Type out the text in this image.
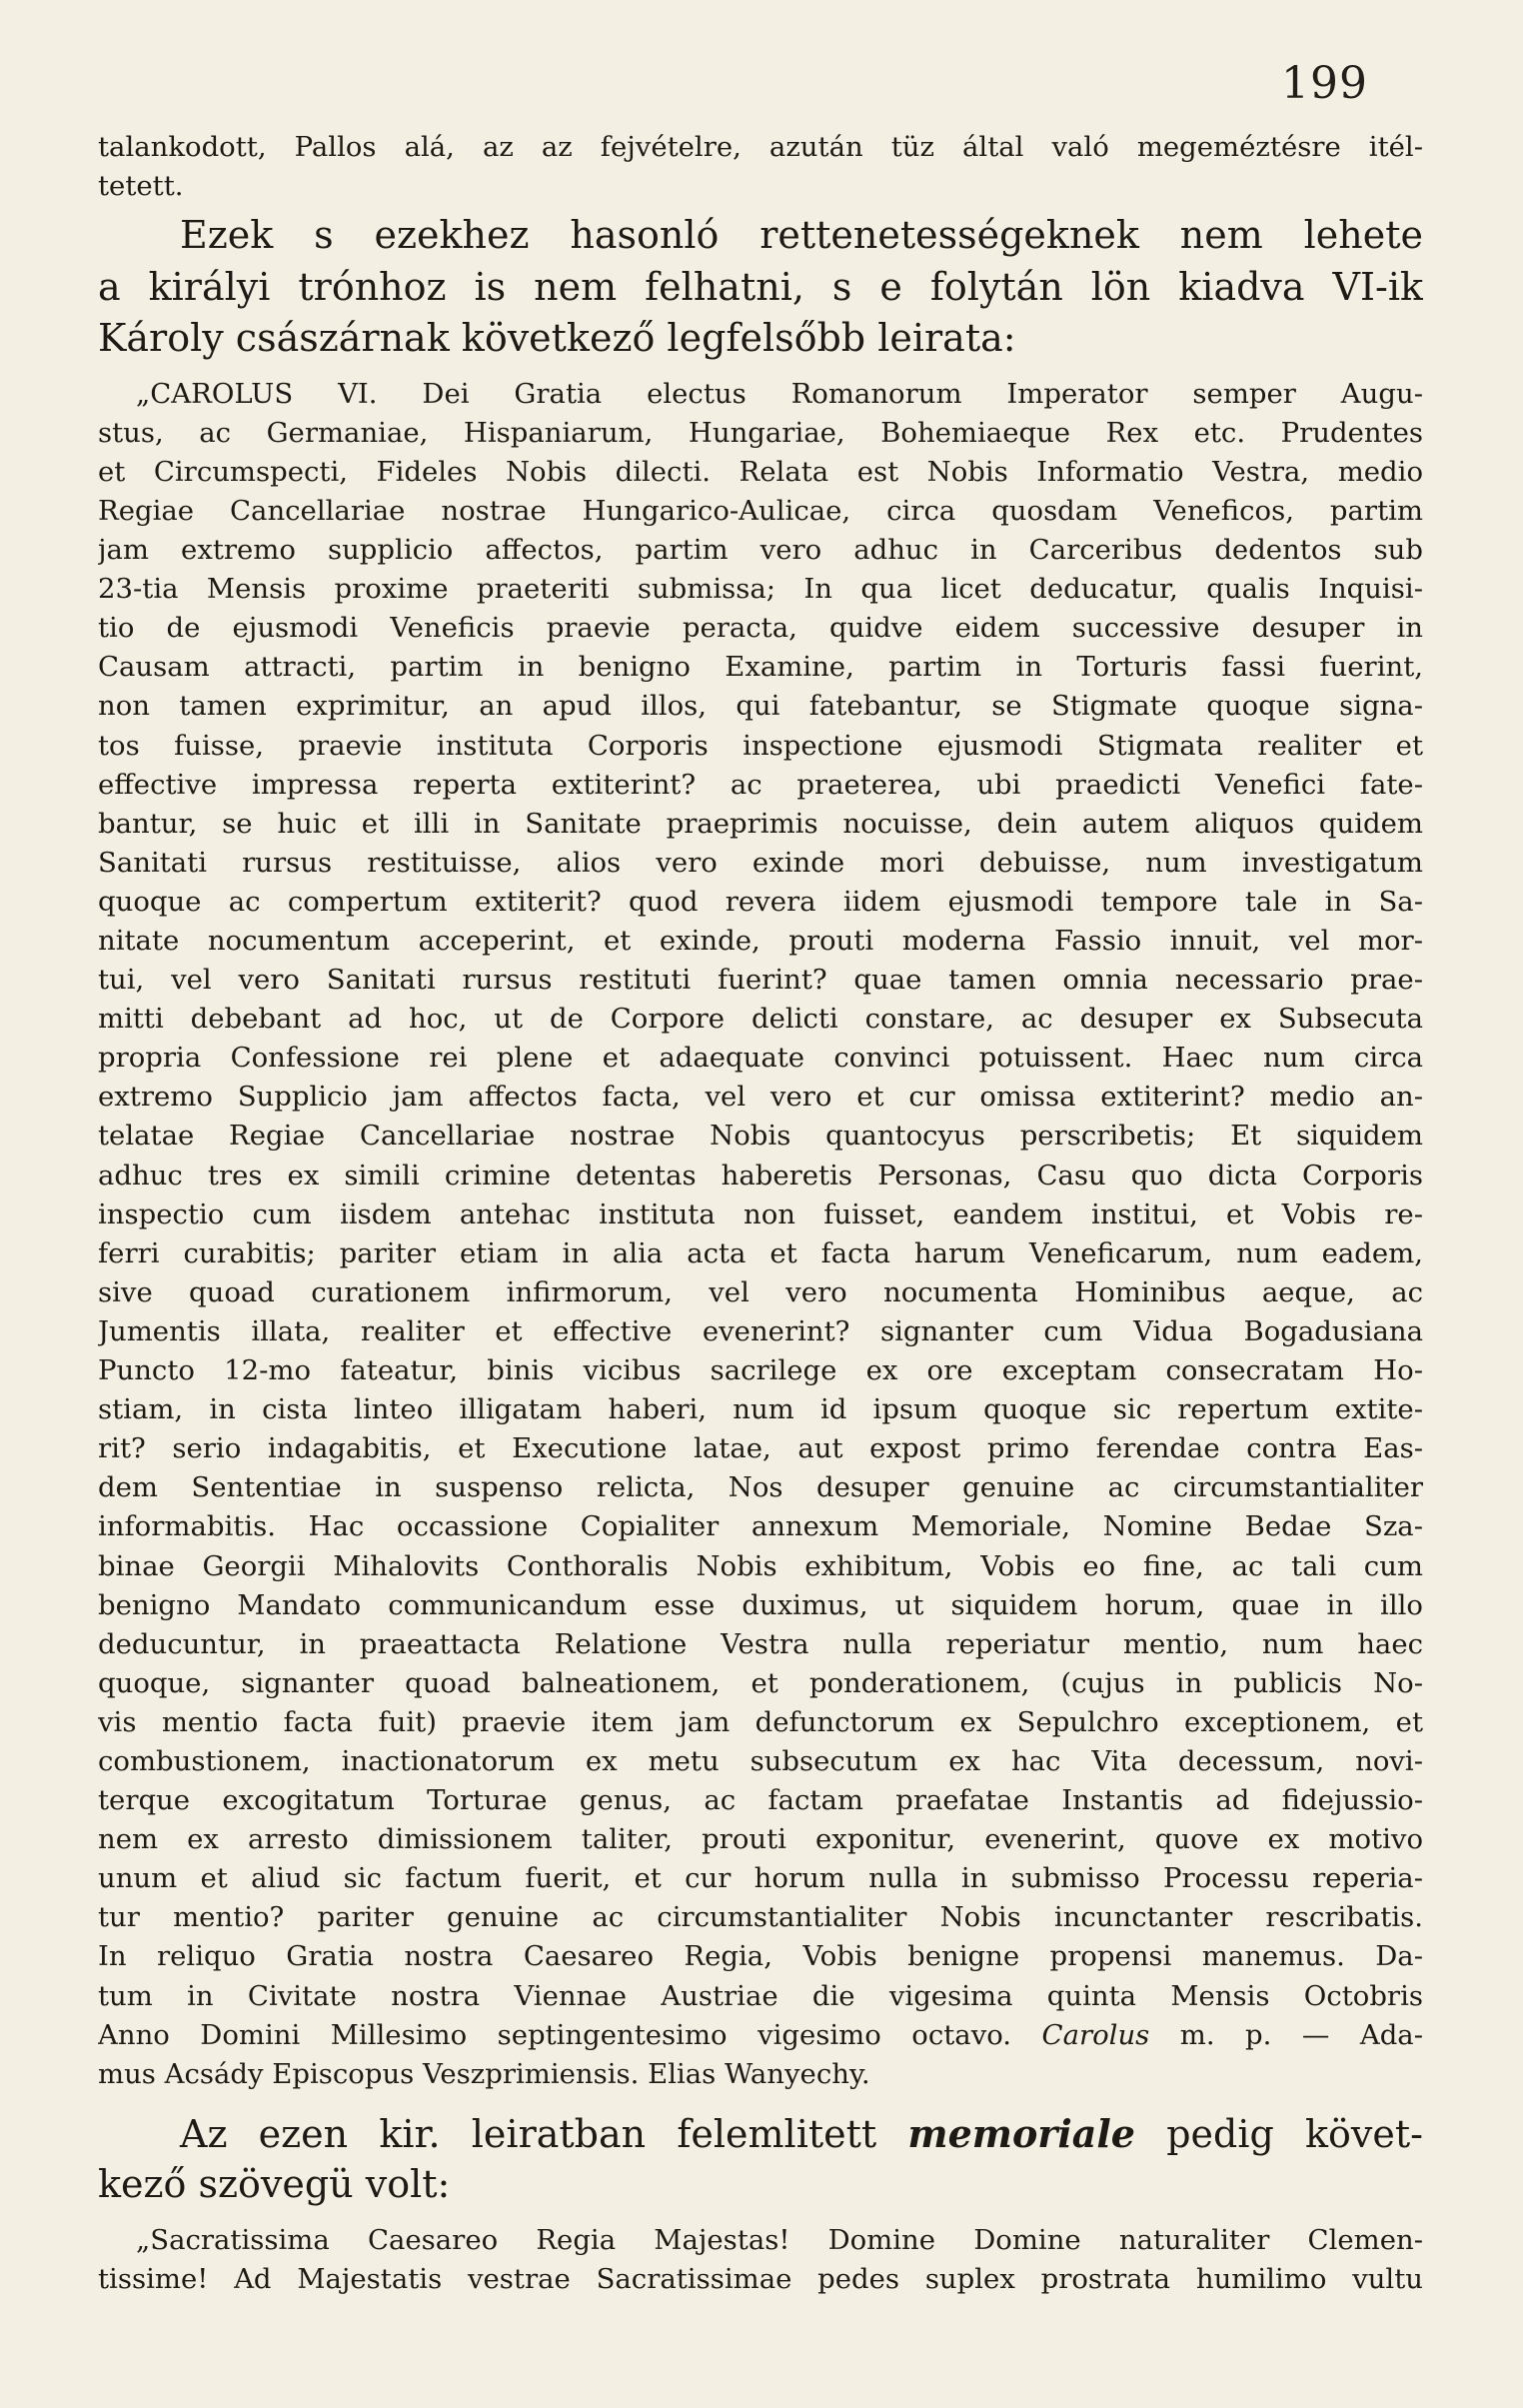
199
talankodott, Pallos alá, az az fejvételre, azután tüz által való megeméztésre itél-
tetett.
Ezek s ezekhez hasonló rettenetességeknek nem lehete
a királyi trónhoz is nem felhatni, s e folytán lön kiadva VI-ik
Károly császárnak következő legfelsőbb leirata:
„CAROLUS VI. Dei Gratia electus Romanorum Imperator semper Augu-
stus, ac Germaniae, Hispaniarum, Hungariae, Bohemiaeque Rex etc. Prudentes
et Circumspecti, Fideles Nobis dilecti. Relata est Nobis Informatio Vestra, medio
Regiae Cancellariae nostrae Hungarico-Aulicae, circa quosdam Veneficos, partim
jam extremo supplicio affectos, partim vero adhuc in Carceribus dedentos sub
23-tia Mensis proxime praeteriti submissa; In qua licet deducatur, qualis Inquisi-
tio de ejusmodi Veneficis praevie peracta, quidve eidem successive desuper in
Causam attracti, partim in benigno Examine, partim in Torturis fassi fuerint,
non tamen exprimitur, an apud illos, qui fatebantur, se Stigmate quoque signa-
tos fuisse, praevie instituta Corporis inspectione ejusmodi Stigmata realiter et
effective impressa reperta extiterint? ac praeterea, ubi praedicti Venefici fate-
bantur, se huic et illi in Sanitate praeprimis nocuisse, dein autem aliquos quidem
Sanitati rursus restituisse, alios vero exinde mori debuisse, num investigatum
quoque ac compertum extiterit? quod revera iidem ejusmodi tempore tale in Sa-
nitate nocumentum acceperint, et exinde, prouti moderna Fassio innuit, vel mor-
tui, vel vero Sanitati rursus restituti fuerint? quae tamen omnia necessario prae-
mitti debebant ad hoc, ut de Corpore delicti constare, ac desuper ex Subsecuta
propria Confessione rei plene et adaequate convinci potuissent. Haec num circa
extremo Supplicio jam affectos facta, vel vero et cur omissa extiterint? medio an-
telatae Regiae Cancellariae nostrae Nobis quantocyus perscribetis; Et siquidem
adhuc tres ex simili crimine detentas haberetis Personas, Casu quo dicta Corporis
inspectio cum iisdem antehac instituta non fuisset, eandem institui, et Vobis re-
ferri curabitis; pariter etiam in alia acta et facta harum Veneficarum, num eadem,
sive quoad curationem infirmorum, vel vero nocumenta Hominibus aeque, ac
Jumentis illata, realiter et effective evenerint? signanter cum Vidua Bogadusiana
Puncto 12-mo fateatur, binis vicibus sacrilege ex ore exceptam consecratam Ho-
stiam, in cista linteo illigatam haberi, num id ipsum quoque sic repertum extite-
rit? serio indagabitis, et Executione latae, aut expost primo ferendae contra Eas-
dem Sententiae in suspenso relicta, Nos desuper genuine ac circumstantialiter
informabitis. Hac occassione Copialiter annexum Memoriale, Nomine Bedae Sza-
binae Georgii Mihalovits Conthoralis Nobis exhibitum, Vobis eo fine, ac tali cum
benigno Mandato communicandum esse duximus, ut siquidem horum, quae in illo
deducuntur, in praeattacta Relatione Vestra nulla reperiatur mentio, num haec
quoque, signanter quoad balneationem, et ponderationem, (cujus in publicis No-
vis mentio facta fuit) praevie item jam defunctorum ex Sepulchro exceptionem, et
combustionem, inactionatorum ex metu subsecutum ex hac Vita decessum, novi-
terque excogitatum Torturae genus, ac factam praefatae Instantis ad fidejussio-
nem ex arresto dimissionem taliter, prouti exponitur, evenerint, quove ex motivo
unum et aliud sic factum fuerit, et cur horum nulla in submisso Processu reperia-
tur mentio? pariter genuine ac circumstantialiter Nobis incunctanter rescribatis.
In reliquo Gratia nostra Caesareo Regia, Vobis benigne propensi manemus. Da-
tum in Civitate nostra Viennae Austriae die vigesima quinta Mensis Octobris
Anno Domini Millesimo septingentesimo vigesimo octavo. Carolus m. p. — Ada-
mus Acsády Episcopus Veszprimiensis. Elias Wanyechy.
Az ezen kir. leiratban felemlitett memoriale pedig követ-
kező szövegü volt:
„Sacratissima Caesareo Regia Majestas! Domine Domine naturaliter Clemen-
tissime! Ad Majestatis vestrae Sacratissimae pedes suplex prostrata humilimo vultu
